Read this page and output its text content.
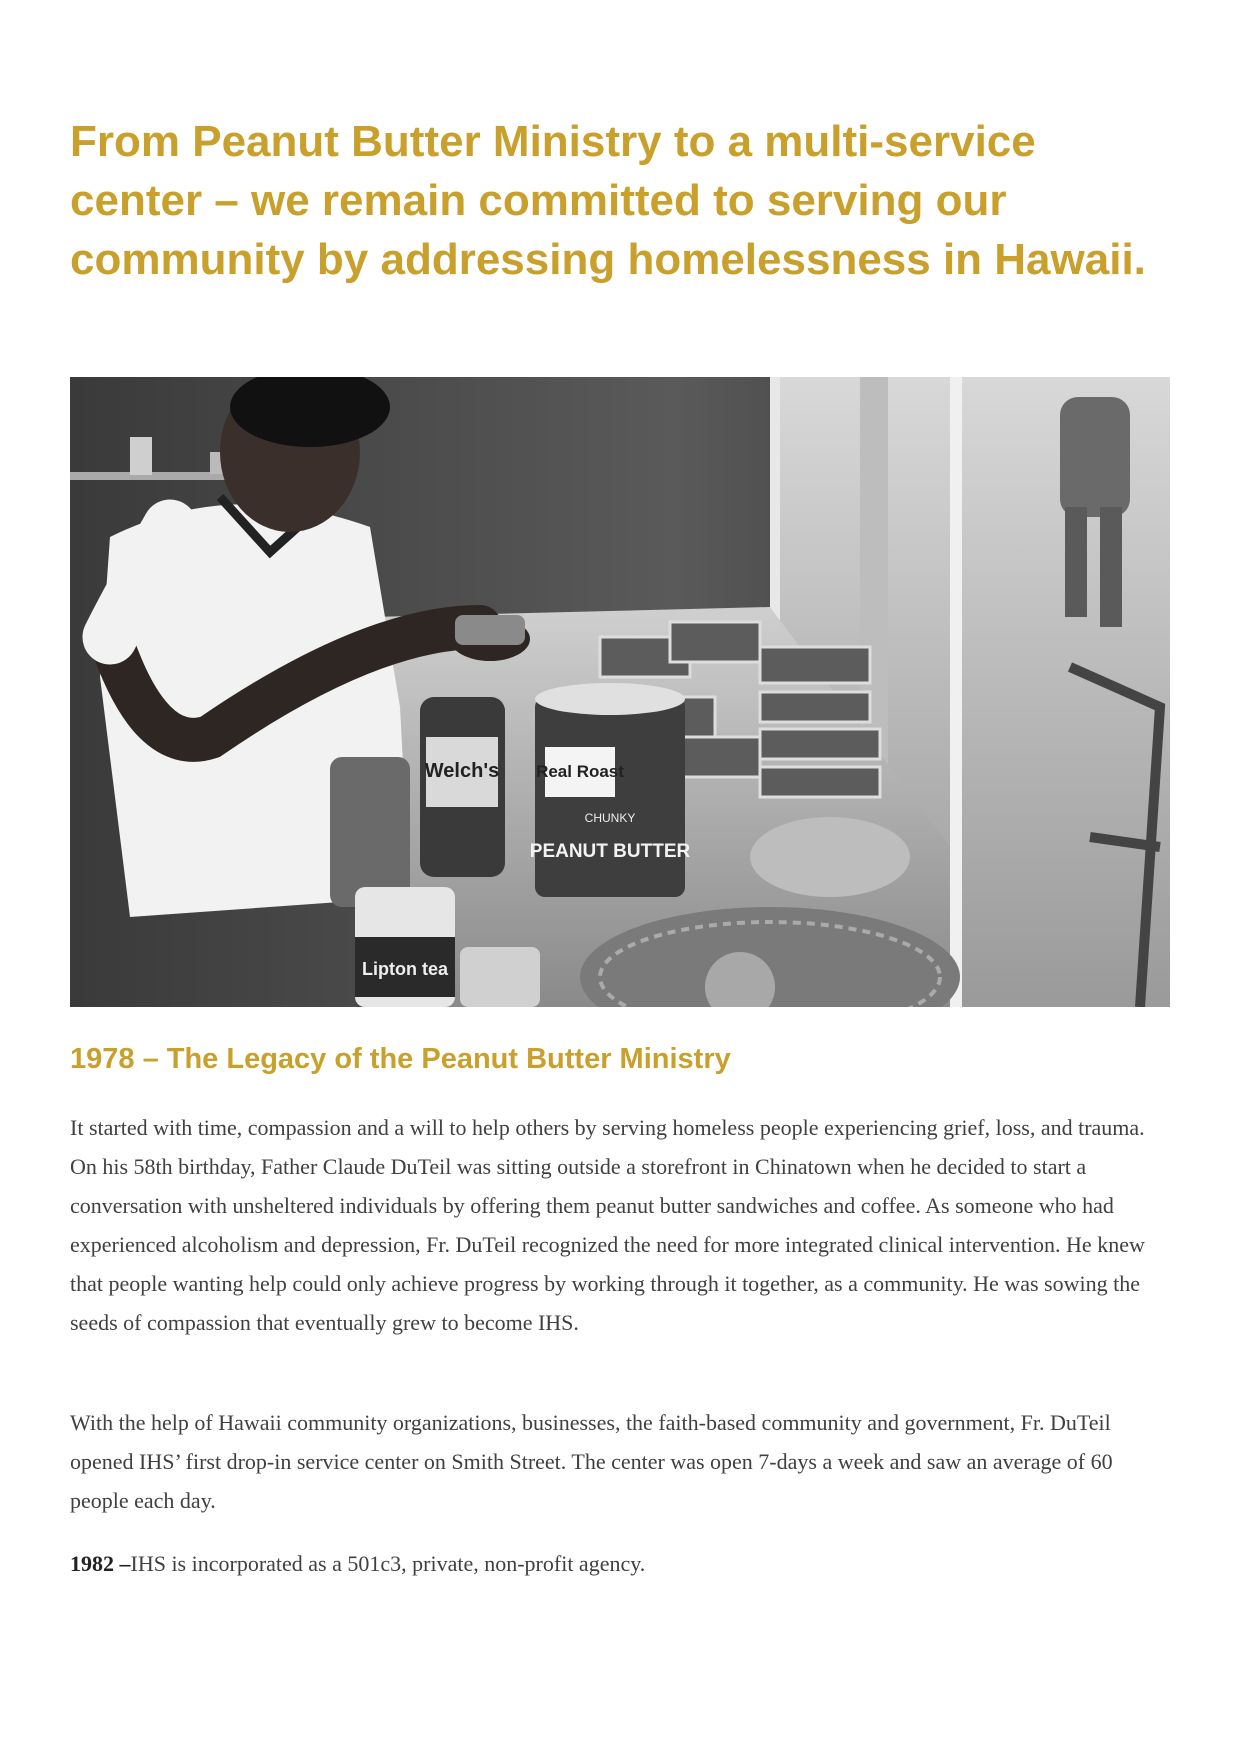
From Peanut Butter Ministry to a multi-service center – we remain committed to serving our community by addressing homelessness in Hawaii.
Welch's Real Roast
CHUNKY
PEANUT BUTTER
Lipton tea
1978 – The Legacy of the Peanut Butter Ministry

It started with time, compassion and a will to help others by serving homeless people experiencing grief, loss, and trauma. On his 58th birthday, Father Claude DuTeil was sitting outside a storefront in Chinatown when he decided to start a conversation with unsheltered individuals by offering them peanut butter sandwiches and coffee. As someone who had experienced alcoholism and depression, Fr. DuTeil recognized the need for more integrated clinical intervention. He knew that people wanting help could only achieve progress by working through it together, as a community. He was sowing the seeds of compassion that eventually grew to become IHS.

With the help of Hawaii community organizations, businesses, the faith-based community and government, Fr. DuTeil opened IHS’ first drop-in service center on Smith Street. The center was open 7-days a week and saw an average of 60 people each day.

1982 –IHS is incorporated as a 501c3, private, non-profit agency.
